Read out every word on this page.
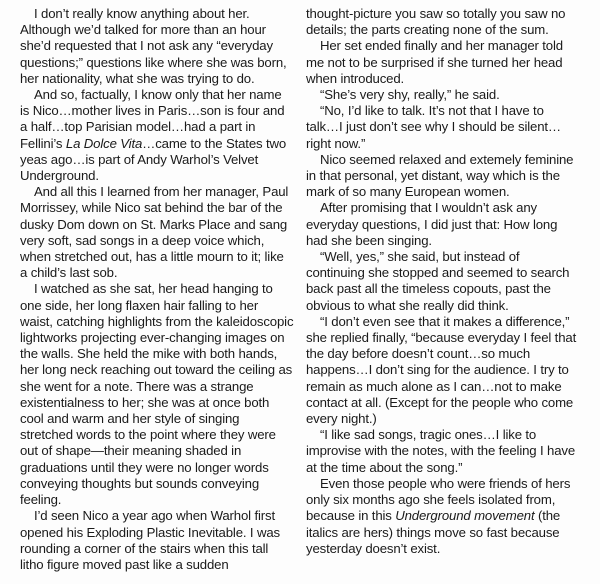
I don’t really know anything about her. Although we’d talked for more than an hour she’d requested that I not ask any “everyday questions;” questions like where she was born, her nationality, what she was trying to do.

And so, factually, I know only that her name is Nico…mother lives in Paris…son is four and a half…top Parisian model…had a part in Fellini’s La Dolce Vita…came to the States two yeas ago…is part of Andy Warhol’s Velvet Underground.

And all this I learned from her manager, Paul Morrissey, while Nico sat behind the bar of the dusky Dom down on St. Marks Place and sang very soft, sad songs in a deep voice which, when stretched out, has a little mourn to it; like a child’s last sob.

I watched as she sat, her head hanging to one side, her long flaxen hair falling to her waist, catching highlights from the kaleidoscopic lightworks projecting ever-changing images on the walls. She held the mike with both hands, her long neck reaching out toward the ceiling as she went for a note. There was a strange existentialness to her; she was at once both cool and warm and her style of singing stretched words to the point where they were out of shape—their meaning shaded in graduations until they were no longer words conveying thoughts but sounds conveying feeling.

I’d seen Nico a year ago when Warhol first opened his Exploding Plastic Inevitable. I was rounding a corner of the stairs when this tall litho figure moved past like a sudden

thought-picture you saw so totally you saw no details; the parts creating none of the sum.

Her set ended finally and her manager told me not to be surprised if she turned her head when introduced.

“She’s very shy, really,” he said.

“No, I’d like to talk. It’s not that I have to talk…I just don’t see why I should be silent…right now.”

Nico seemed relaxed and extemely feminine in that personal, yet distant, way which is the mark of so many European women.

After promising that I wouldn’t ask any everyday questions, I did just that: How long had she been singing.

“Well, yes,” she said, but instead of continuing she stopped and seemed to search back past all the timeless copouts, past the obvious to what she really did think.

“I don’t even see that it makes a difference,” she replied finally, “because everyday I feel that the day before doesn’t count…so much happens…I don’t sing for the audience. I try to remain as much alone as I can…not to make contact at all. (Except for the people who come every night.)

“I like sad songs, tragic ones…I like to improvise with the notes, with the feeling I have at the time about the song.”

Even those people who were friends of hers only six months ago she feels isolated from, because in this Underground movement (the italics are hers) things move so fast because yesterday doesn’t exist.
